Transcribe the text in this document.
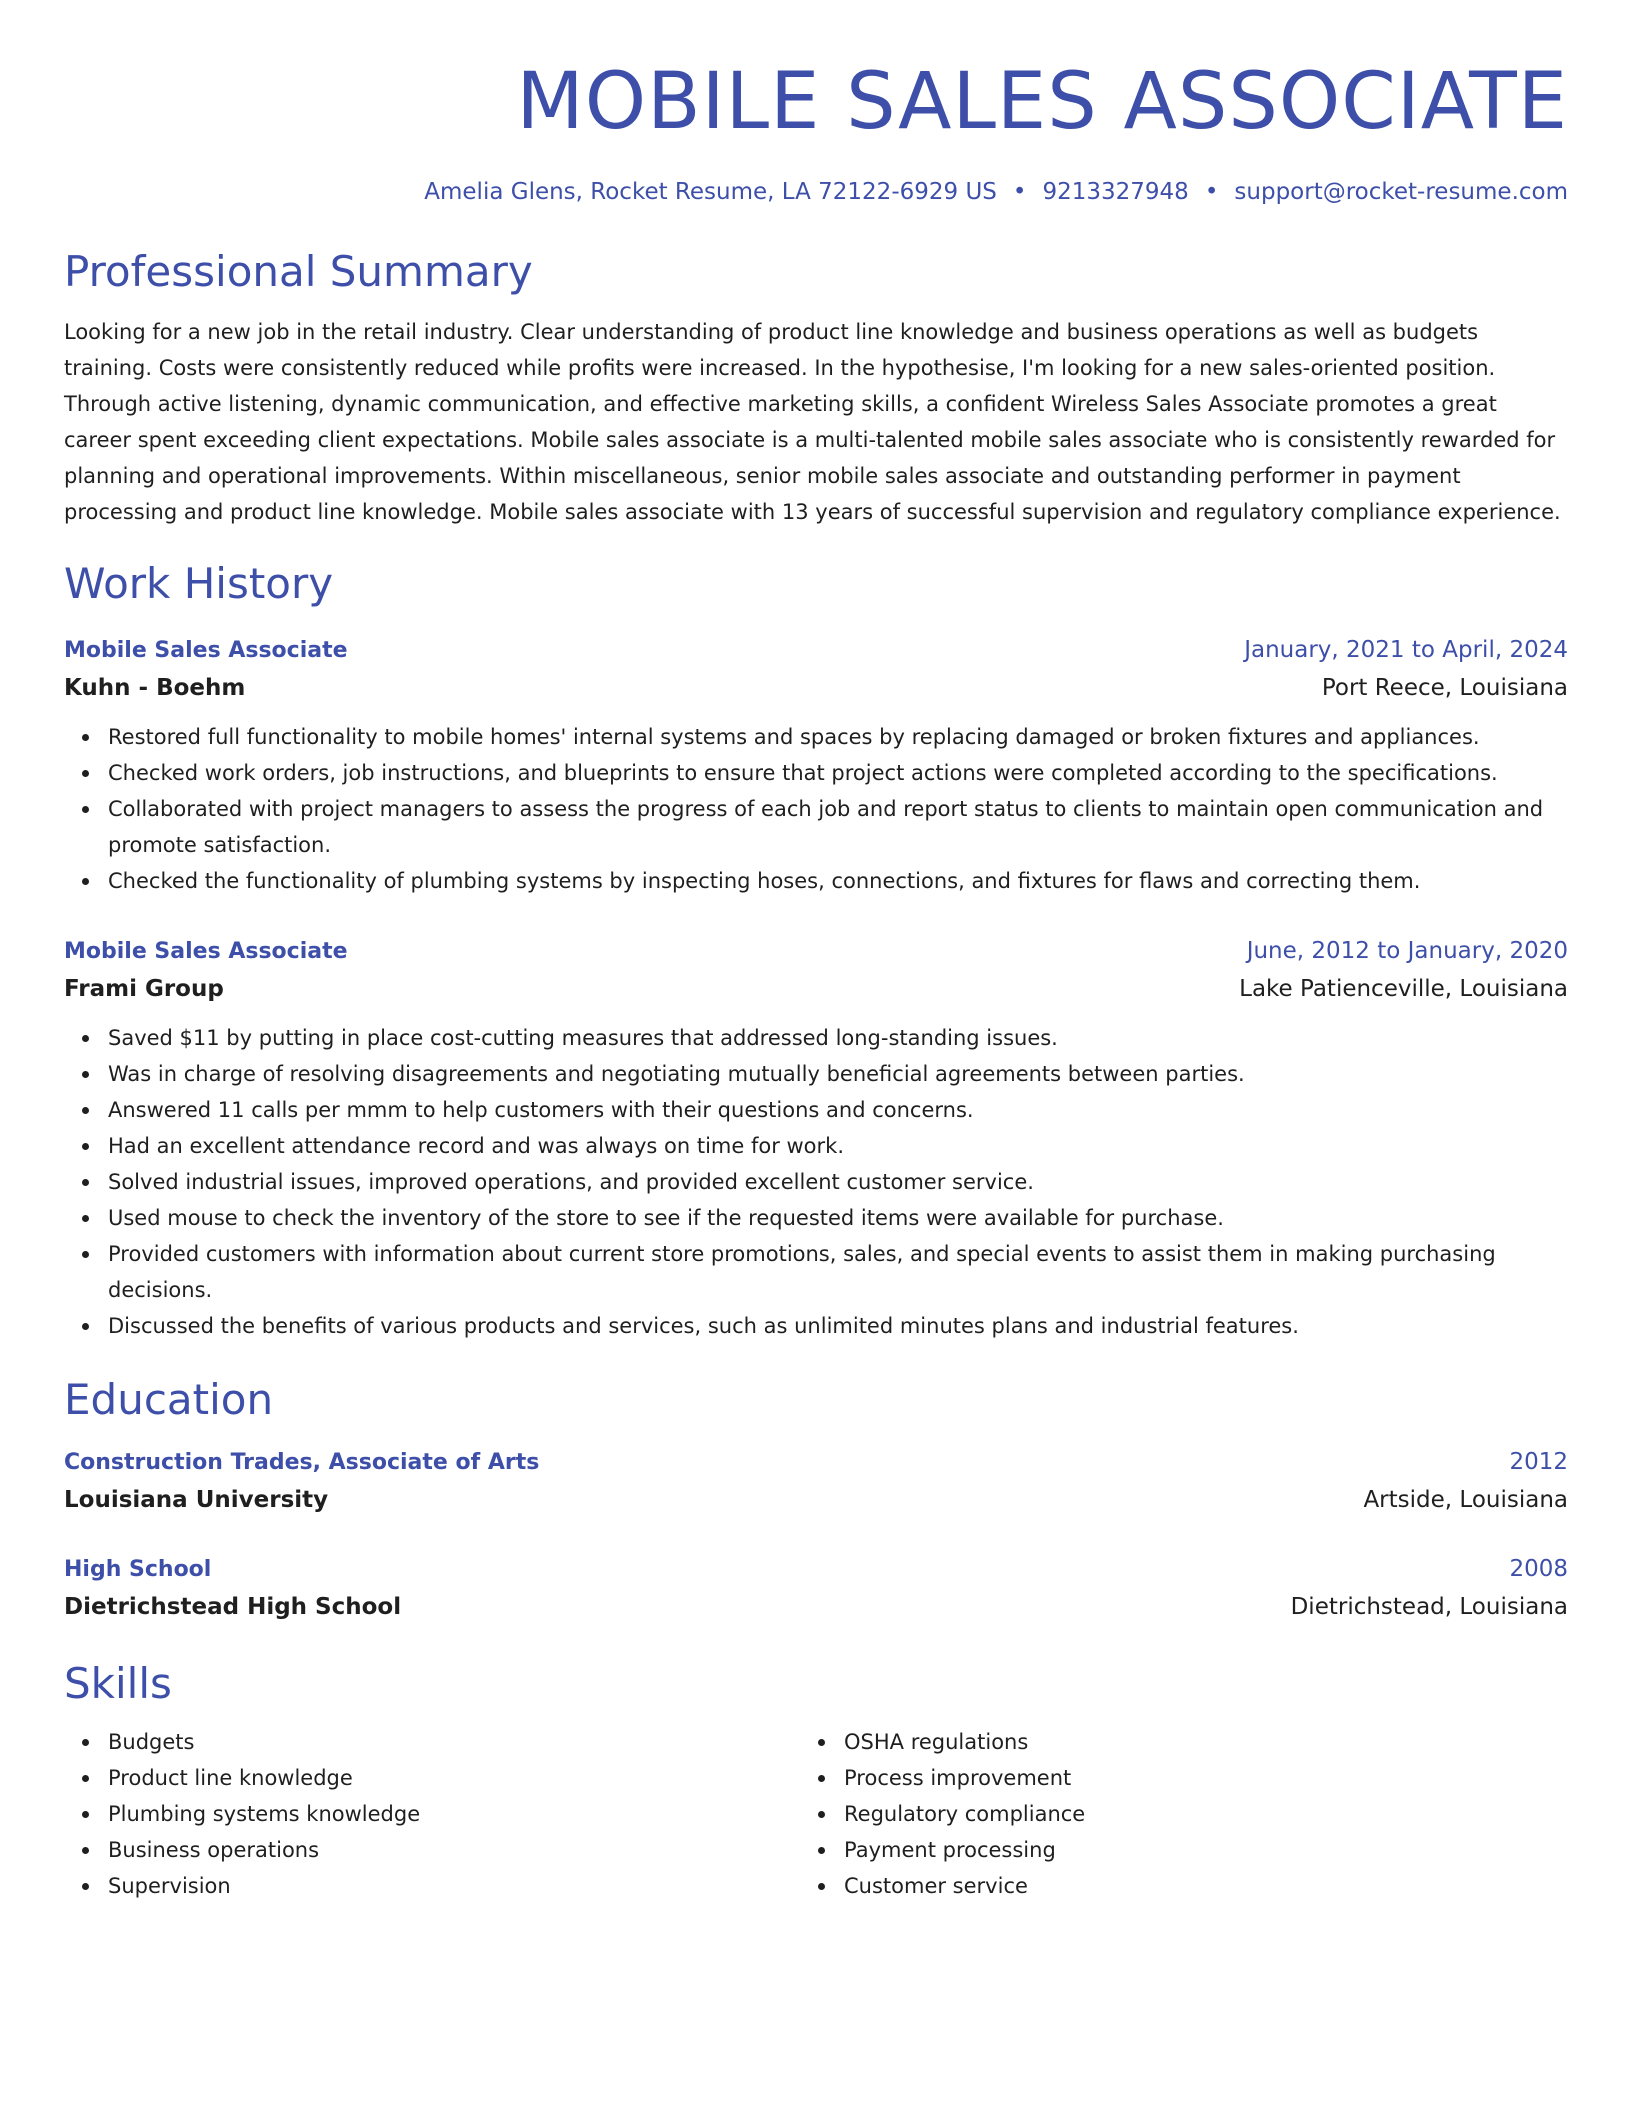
MOBILE SALES ASSOCIATE
Amelia Glens, Rocket Resume, LA 72122-6929 US • 9213327948 • support@rocket-resume.com
Professional Summary
Looking for a new job in the retail industry. Clear understanding of product line knowledge and business operations as well as budgets training. Costs were consistently reduced while profits were increased. In the hypothesise, I'm looking for a new sales-oriented position. Through active listening, dynamic communication, and effective marketing skills, a confident Wireless Sales Associate promotes a great career spent exceeding client expectations. Mobile sales associate is a multi-talented mobile sales associate who is consistently rewarded for planning and operational improvements. Within miscellaneous, senior mobile sales associate and outstanding performer in payment processing and product line knowledge. Mobile sales associate with 13 years of successful supervision and regulatory compliance experience.
Work History
Mobile Sales Associate	January, 2021 to April, 2024
Kuhn - Boehm	Port Reece, Louisiana
Restored full functionality to mobile homes' internal systems and spaces by replacing damaged or broken fixtures and appliances.
Checked work orders, job instructions, and blueprints to ensure that project actions were completed according to the specifications.
Collaborated with project managers to assess the progress of each job and report status to clients to maintain open communication and promote satisfaction.
Checked the functionality of plumbing systems by inspecting hoses, connections, and fixtures for flaws and correcting them.
Mobile Sales Associate	June, 2012 to January, 2020
Frami Group	Lake Patienceville, Louisiana
Saved $11 by putting in place cost-cutting measures that addressed long-standing issues.
Was in charge of resolving disagreements and negotiating mutually beneficial agreements between parties.
Answered 11 calls per mmm to help customers with their questions and concerns.
Had an excellent attendance record and was always on time for work.
Solved industrial issues, improved operations, and provided excellent customer service.
Used mouse to check the inventory of the store to see if the requested items were available for purchase.
Provided customers with information about current store promotions, sales, and special events to assist them in making purchasing decisions.
Discussed the benefits of various products and services, such as unlimited minutes plans and industrial features.
Education
Construction Trades, Associate of Arts	2012
Louisiana University	Artside, Louisiana
High School	2008
Dietrichstead High School	Dietrichstead, Louisiana
Skills
Budgets
Product line knowledge
Plumbing systems knowledge
Business operations
Supervision
OSHA regulations
Process improvement
Regulatory compliance
Payment processing
Customer service
